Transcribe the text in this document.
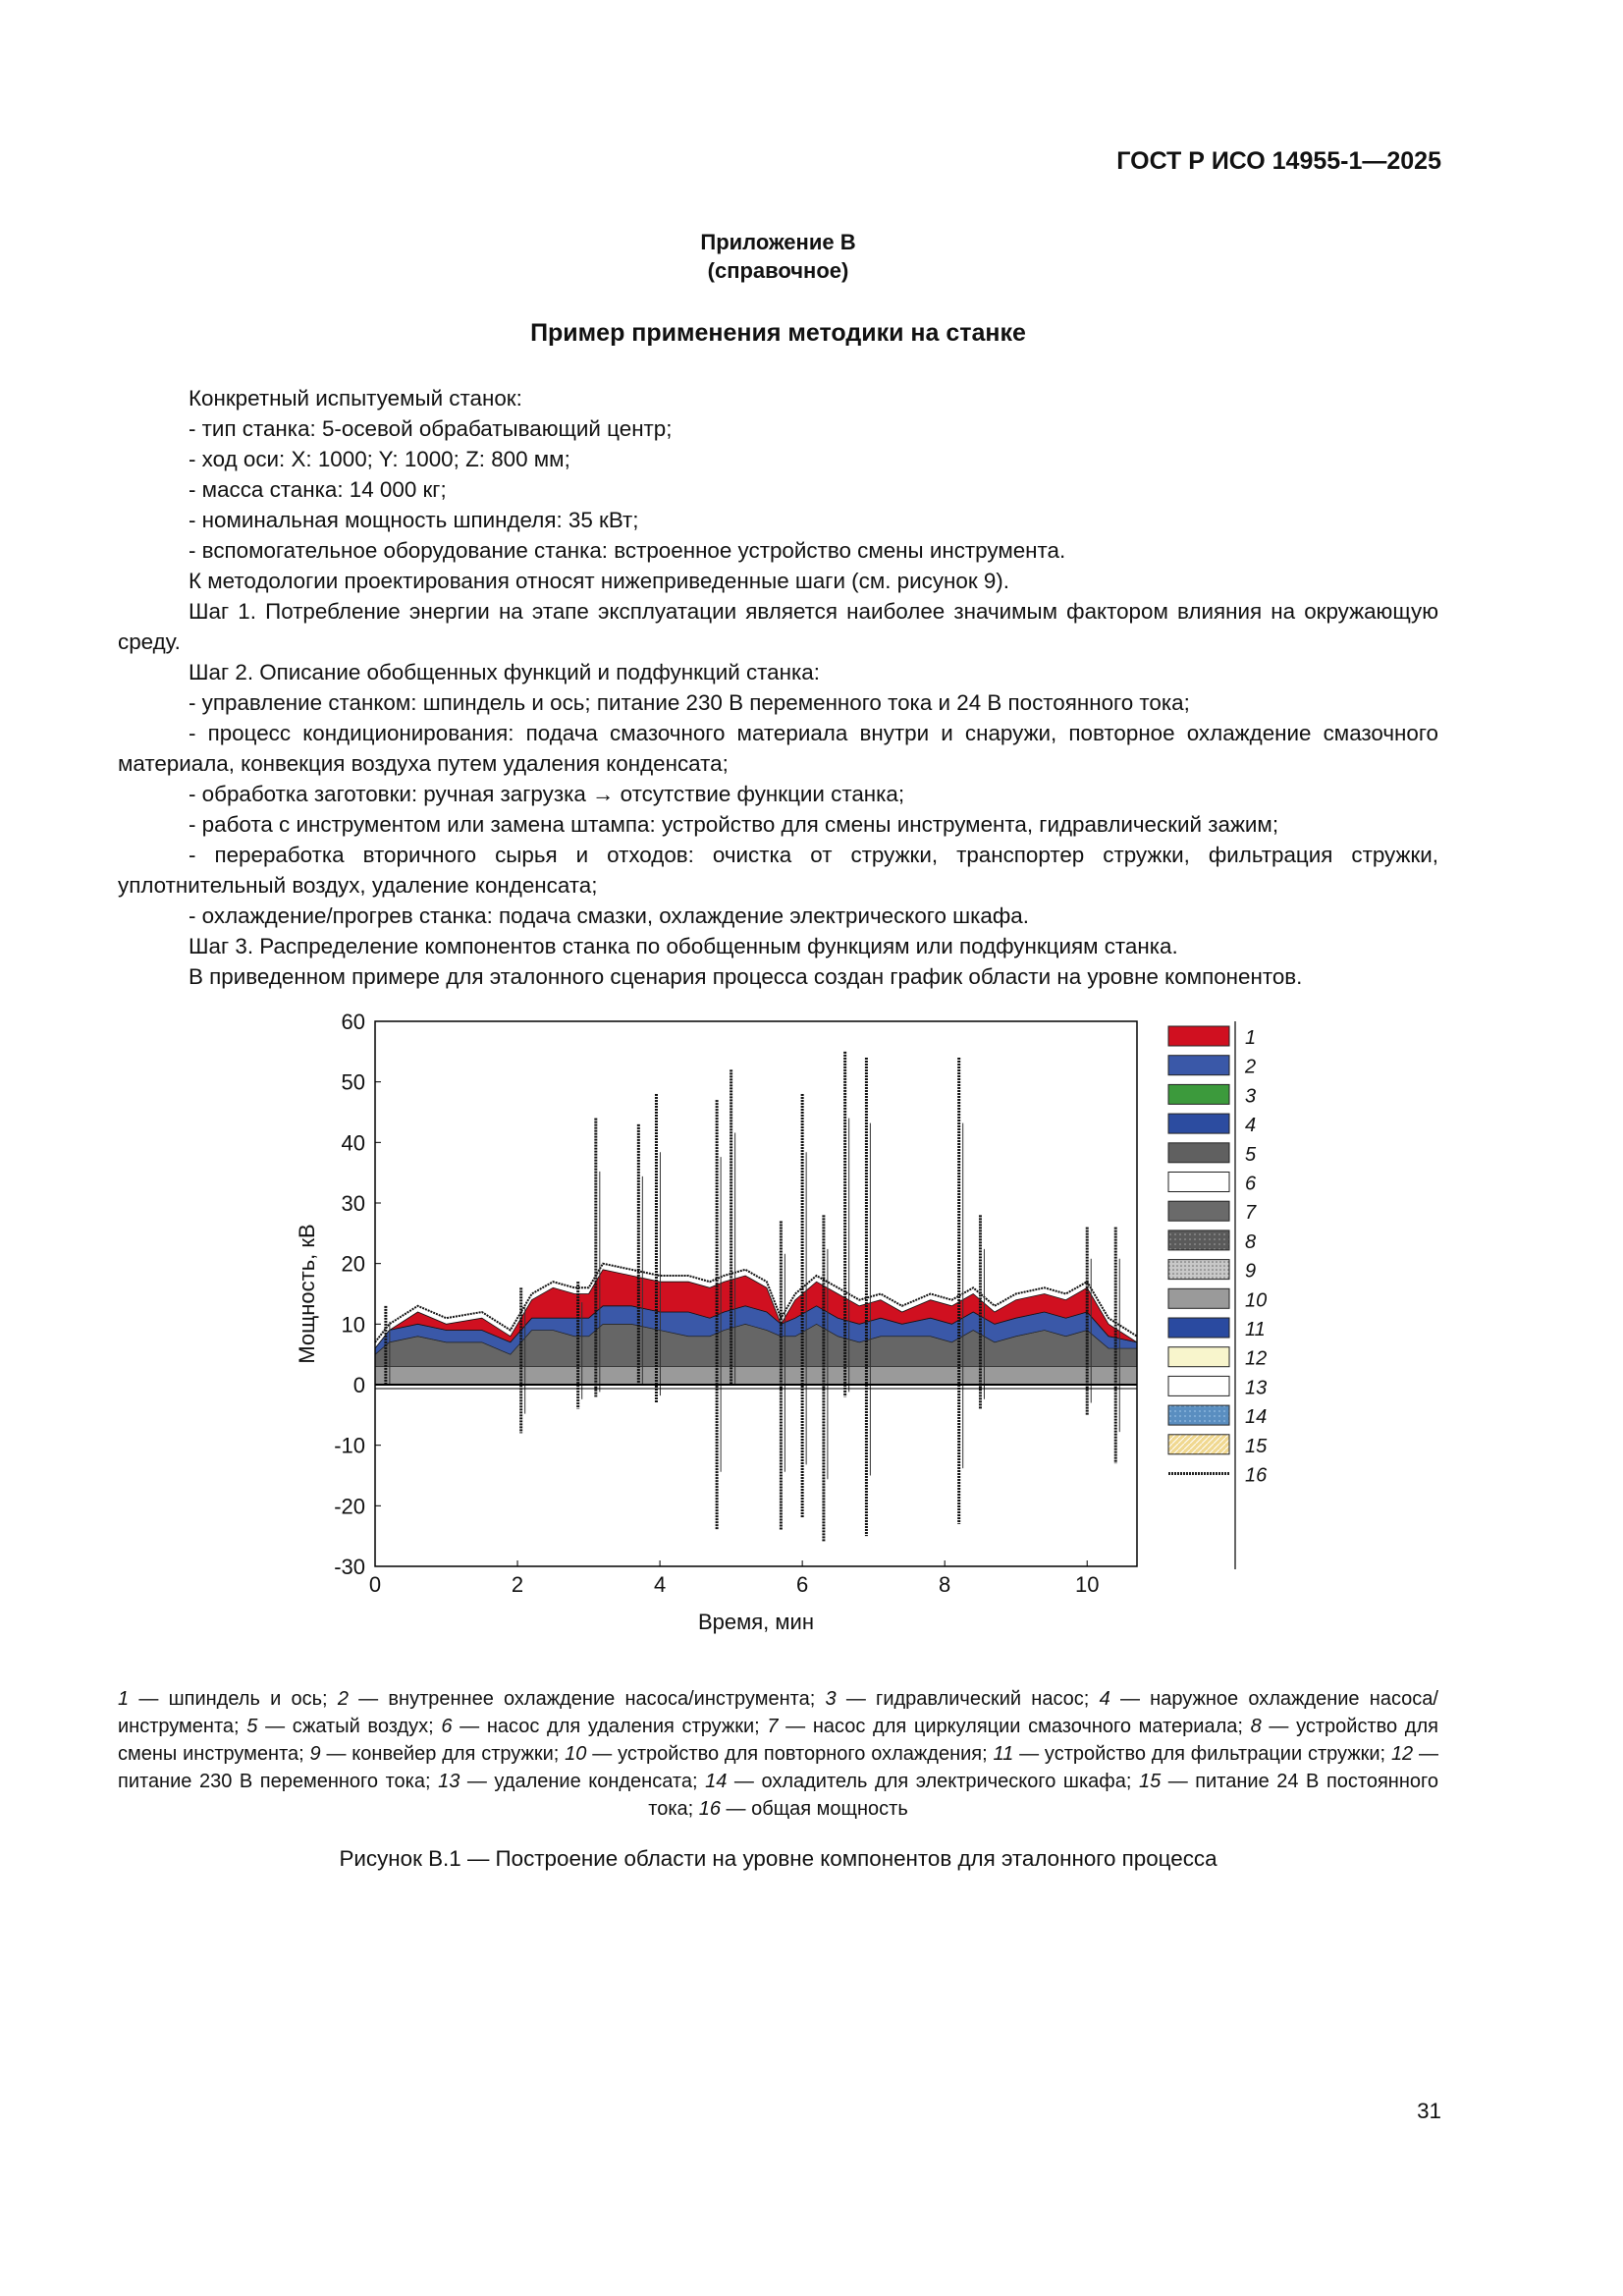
ГОСТ Р ИСО 14955-1—2025
Приложение В
(справочное)
Пример применения методики на станке

Конкретный испытуемый станок:

- тип станка: 5-осевой обрабатывающий центр;

- ход оси: X: 1000; Y: 1000; Z: 800 мм;

- масса станка: 14 000 кг;

- номинальная мощность шпинделя: 35 кВт;

- вспомогательное оборудование станка: встроенное устройство смены инструмента.

К методологии проектирования относят нижеприведенные шаги (см. рисунок 9).

Шаг 1. Потребление энергии на этапе эксплуатации является наиболее значимым фактором влияния на окружающую среду.

Шаг 2. Описание обобщенных функций и подфункций станка:

- управление станком: шпиндель и ось; питание 230 В переменного тока и 24 В постоянного тока;

- процесс кондиционирования: подача смазочного материала внутри и снаружи, повторное охлаждение смазочного материала, конвекция воздуха путем удаления конденсата;

- обработка заготовки: ручная загрузка → отсутствие функции станка;

- работа с инструментом или замена штампа: устройство для смены инструмента, гидравлический зажим;

- переработка вторичного сырья и отходов: очистка от стружки, транспортер стружки, фильтрация стружки, уплотнительный воздух, удаление конденсата;

- охлаждение/прогрев станка: подача смазки, охлаждение электрического шкафа.

Шаг 3. Распределение компонентов станка по обобщенным функциям или подфункциям станка.

В приведенном примере для эталонного сценария процесса создан график области на уровне компонентов.

60
50
40
30
20
10
0
-10
-20
-30
0	2	4	6	8	10
1
2
3
4
5
6
7
8
9
10
11
12
13
14
15
16
Время, мин
Мощность, кВ
1 — шпиндель и ось; 2 — внутреннее охлаждение насоса/инструмента; 3 — гидравлический насос; 4 — наружное охлаждение насоса/инструмента; 5 — сжатый воздух; 6 — насос для удаления стружки; 7 — насос для циркуляции смазочного материала; 8 — устройство для смены инструмента; 9 — конвейер для стружки; 10 — устройство для повторного охлаждения; 11 — устройство для фильтрации стружки; 12 — питание 230 В переменного тока; 13 — удаление конденсата; 14 — охладитель для электрического шкафа; 15 — питание 24 В постоянного тока; 16 — общая мощность
Рисунок В.1 — Построение области на уровне компонентов для эталонного процесса
31
